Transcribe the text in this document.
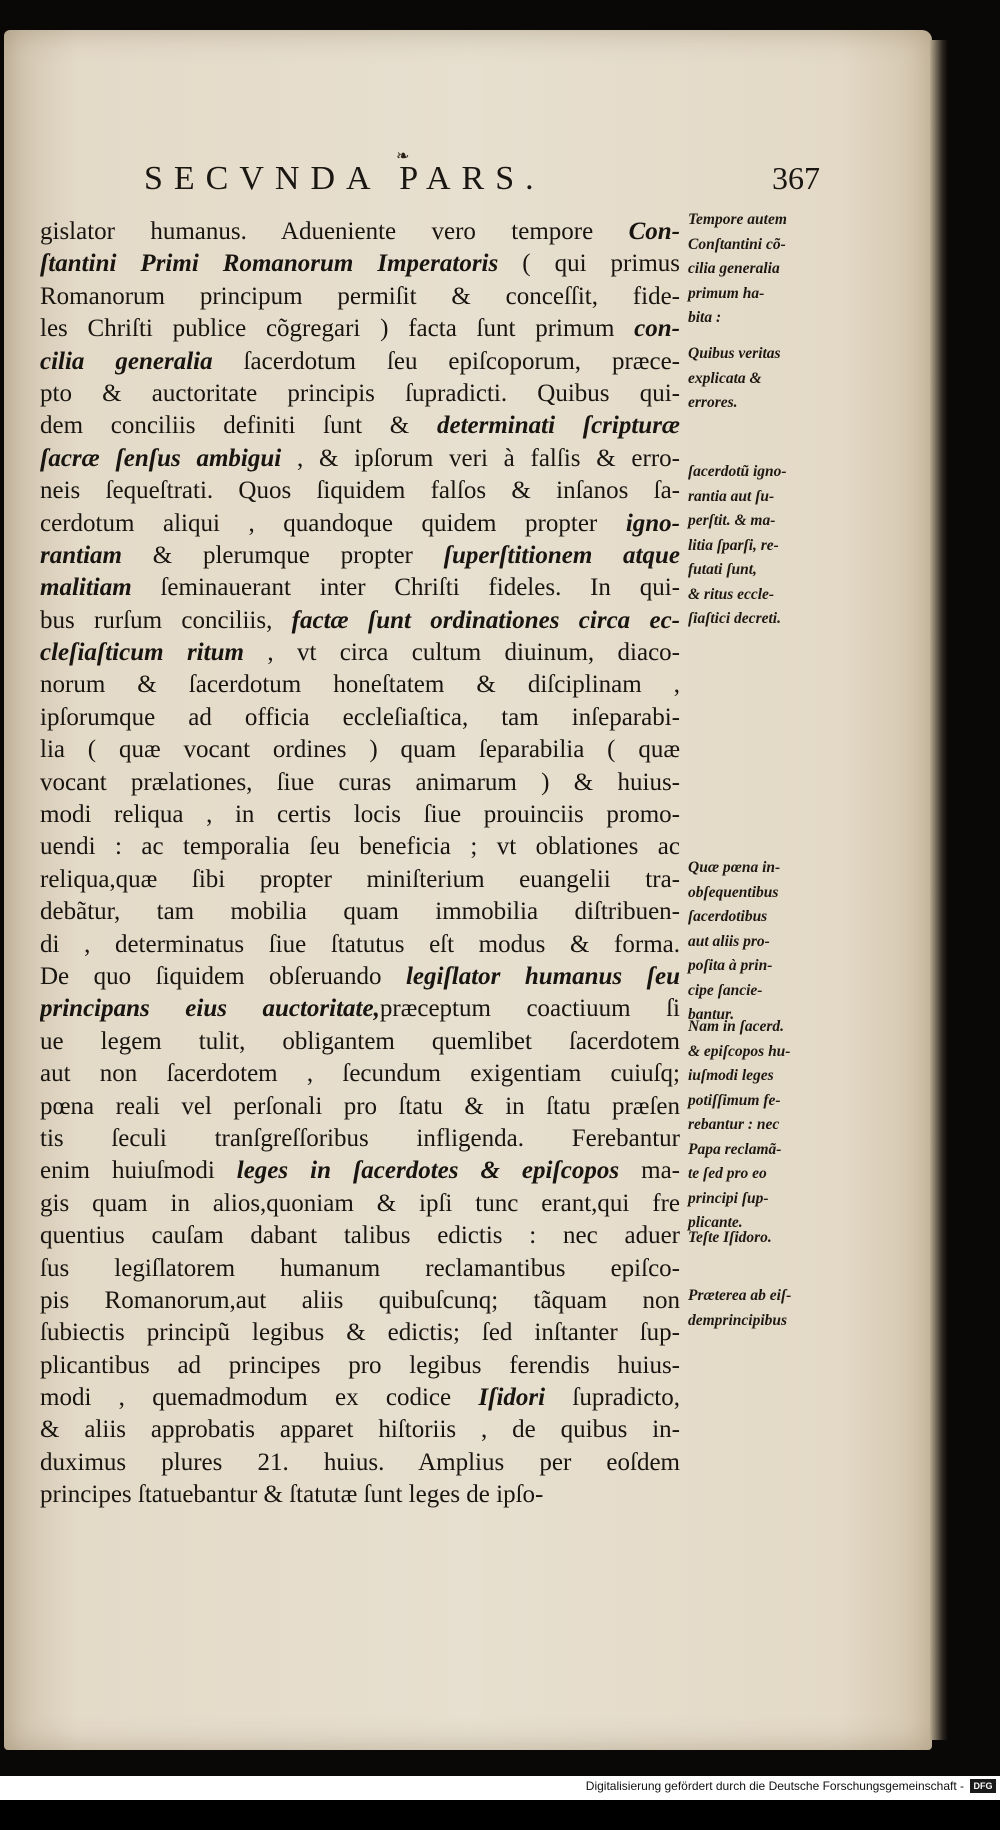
❧
SECVNDA PARS.	367
gislator humanus. Adueniente vero tempore Con-
ſtantini Primi Romanorum Imperatoris ( qui primus
Romanorum principum permiſit & conceſſit, fide-
les Chriſti publice cõgregari ) facta ſunt primum con-
cilia generalia ſacerdotum ſeu epiſcoporum, præce-
pto & auctoritate principis ſupradicti. Quibus qui-
dem conciliis definiti ſunt & determinati ſcripturæ
ſacræ ſenſus ambigui , & ipſorum veri à falſis & erro-
neis ſequeſtrati. Quos ſiquidem falſos & inſanos ſa-
cerdotum aliqui , quandoque quidem propter igno-
rantiam & plerumque propter ſuperſtitionem atque
malitiam ſeminauerant inter Chriſti fideles. In qui-
bus rurſum conciliis, factæ ſunt ordinationes circa ec-
cleſiaſticum ritum , vt circa cultum diuinum, diaco-
norum & ſacerdotum honeſtatem & diſciplinam ,
ipſorumque ad officia eccleſiaſtica, tam inſeparabi-
lia ( quæ vocant ordines ) quam ſeparabilia ( quæ
vocant prælationes, ſiue curas animarum ) & huius-
modi reliqua , in certis locis ſiue prouinciis promo-
uendi : ac temporalia ſeu beneficia ; vt oblationes ac
reliqua,quæ ſibi propter miniſterium euangelii tra-
debãtur, tam mobilia quam immobilia diſtribuen-
di , determinatus ſiue ſtatutus eſt modus & forma.
De quo ſiquidem obſeruando legiſlator humanus ſeu
principans eius auctoritate,præceptum coactiuum ſi
ue legem tulit, obligantem quemlibet ſacerdotem
aut non ſacerdotem , ſecundum exigentiam cuiuſq;
pœna reali vel perſonali pro ſtatu & in ſtatu præſen
tis ſeculi tranſgreſſoribus infligenda. Ferebantur
enim huiuſmodi leges in ſacerdotes & epiſcopos ma-
gis quam in alios,quoniam & ipſi tunc erant,qui fre
quentius cauſam dabant talibus edictis : nec aduer
ſus legiſlatorem humanum reclamantibus epiſco-
pis Romanorum,aut aliis quibuſcunq; tãquam non
ſubiectis principũ legibus & edictis; ſed inſtanter ſup-
plicantibus ad principes pro legibus ferendis huius-
modi , quemadmodum ex codice Iſidori ſupradicto,
& aliis approbatis apparet hiſtoriis , de quibus in-
duximus plures 21. huius. Amplius per eoſdem
principes ſtatuebantur & ſtatutæ ſunt leges de ipſo-
Tempore autem
Conſtantini cõ-
cilia generalia
primum ha-
bita :
Quibus veritas
explicata &
errores.
ſacerdotũ igno-
rantia aut ſu-
perſtit. & ma-
litia ſparſi, re-
futati ſunt,
& ritus eccle-
ſiaſtici decreti.
Quæ pœna in-
obſequentibus
ſacerdotibus
aut aliis pro-
poſita à prin-
cipe ſancie-
bantur.
Nam in ſacerd.
& epiſcopos hu-
iuſmodi leges
potiſſimum fe-
rebantur : nec
Papa reclamã-
te ſed pro eo
principi ſup-
plicante.
Teſte Iſidoro.
Præterea ab eiſ-
demprincipibus
Digitalisierung gefördert durch die Deutsche Forschungsgemeinschaft -	DFG
